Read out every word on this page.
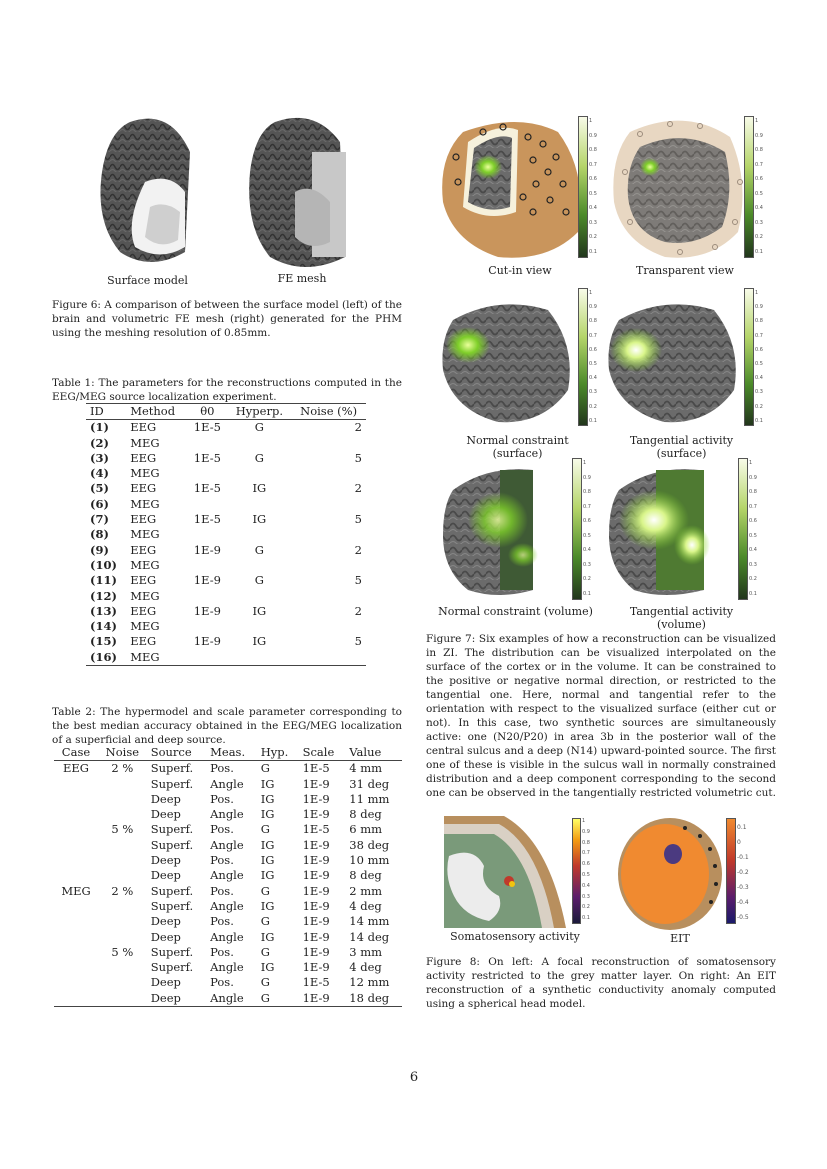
Surface model	FE mesh
Figure 6: A comparison of between the surface model (left) of the brain and volumetric FE mesh (right) generated for the PHM using the meshing resolution of 0.85mm.
Table 1: The parameters for the reconstructions computed in the EEG/MEG source localization experiment.
ID	Method	θ0	Hyperp.	Noise (%)
(1)	EEG	1E-5	G	2
(2)	MEG			
(3)	EEG	1E-5	G	5
(4)	MEG			
(5)	EEG	1E-5	IG	2
(6)	MEG			
(7)	EEG	1E-5	IG	5
(8)	MEG			
(9)	EEG	1E-9	G	2
(10)	MEG			
(11)	EEG	1E-9	G	5
(12)	MEG			
(13)	EEG	1E-9	IG	2
(14)	MEG			
(15)	EEG	1E-9	IG	5
(16)	MEG			
Table 2: The hypermodel and scale parameter corresponding to the best median accuracy obtained in the EEG/MEG localization of a superficial and deep source.
Case	Noise	Source	Meas.	Hyp.	Scale	Value
EEG	2 %	Superf.	Pos.	G	1E-5	4 mm
		Superf.	Angle	IG	1E-9	31 deg
		Deep	Pos.	IG	1E-9	11 mm
		Deep	Angle	IG	1E-9	8 deg
	5 %	Superf.	Pos.	G	1E-5	6 mm
		Superf.	Angle	IG	1E-9	38 deg
		Deep	Pos.	IG	1E-9	10 mm
		Deep	Angle	IG	1E-9	8 deg
MEG	2 %	Superf.	Pos.	G	1E-9	2 mm
		Superf.	Angle	IG	1E-9	4 deg
		Deep	Pos.	G	1E-9	14 mm
		Deep	Angle	IG	1E-9	14 deg
	5 %	Superf.	Pos.	G	1E-9	3 mm
		Superf.	Angle	IG	1E-9	4 deg
		Deep	Pos.	G	1E-5	12 mm
		Deep	Angle	G	1E-9	18 deg
1
0.9
0.8
0.7
0.6
0.5
0.4
0.3
0.2
0.1
1
0.9
0.8
0.7
0.6
0.5
0.4
0.3
0.2
0.1
Cut-in view	Transparent view
1
0.9
0.8
0.7
0.6
0.5
0.4
0.3
0.2
0.1
1
0.9
0.8
0.7
0.6
0.5
0.4
0.3
0.2
0.1
Normal constraint (surface)
Tangential activity (surface)
1
0.9
0.8
0.7
0.6
0.5
0.4
0.3
0.2
0.1
1
0.9
0.8
0.7
0.6
0.5
0.4
0.3
0.2
0.1
Normal constraint (volume)	Tangential activity (volume)
Figure 7: Six examples of how a reconstruction can be visualized in ZI. The distribution can be visualized interpolated on the surface of the cortex or in the volume. It can be constrained to the positive or negative normal direction, or restricted to the tangential one. Here, normal and tangential refer to the orientation with respect to the visualized surface (either cut or not). In this case, two synthetic sources are simultaneously active: one (N20/P20) in area 3b in the posterior wall of the central sulcus and a deep (N14) upward-pointed source. The first one of these is visible in the sulcus wall in normally constrained distribution and a deep component corresponding to the second one can be observed in the tangentially restricted volumetric cut.
1
0.9
0.8
0.7
0.6
0.5
0.4
0.3
0.2
0.1
0.1
0
-0.1
-0.2
-0.3
-0.4
-0.5
Somatosensory activity	EIT
Figure 8: On left: A focal reconstruction of somatosensory activity restricted to the grey matter layer. On right: An EIT reconstruction of a synthetic conductivity anomaly computed using a spherical head model.
6
